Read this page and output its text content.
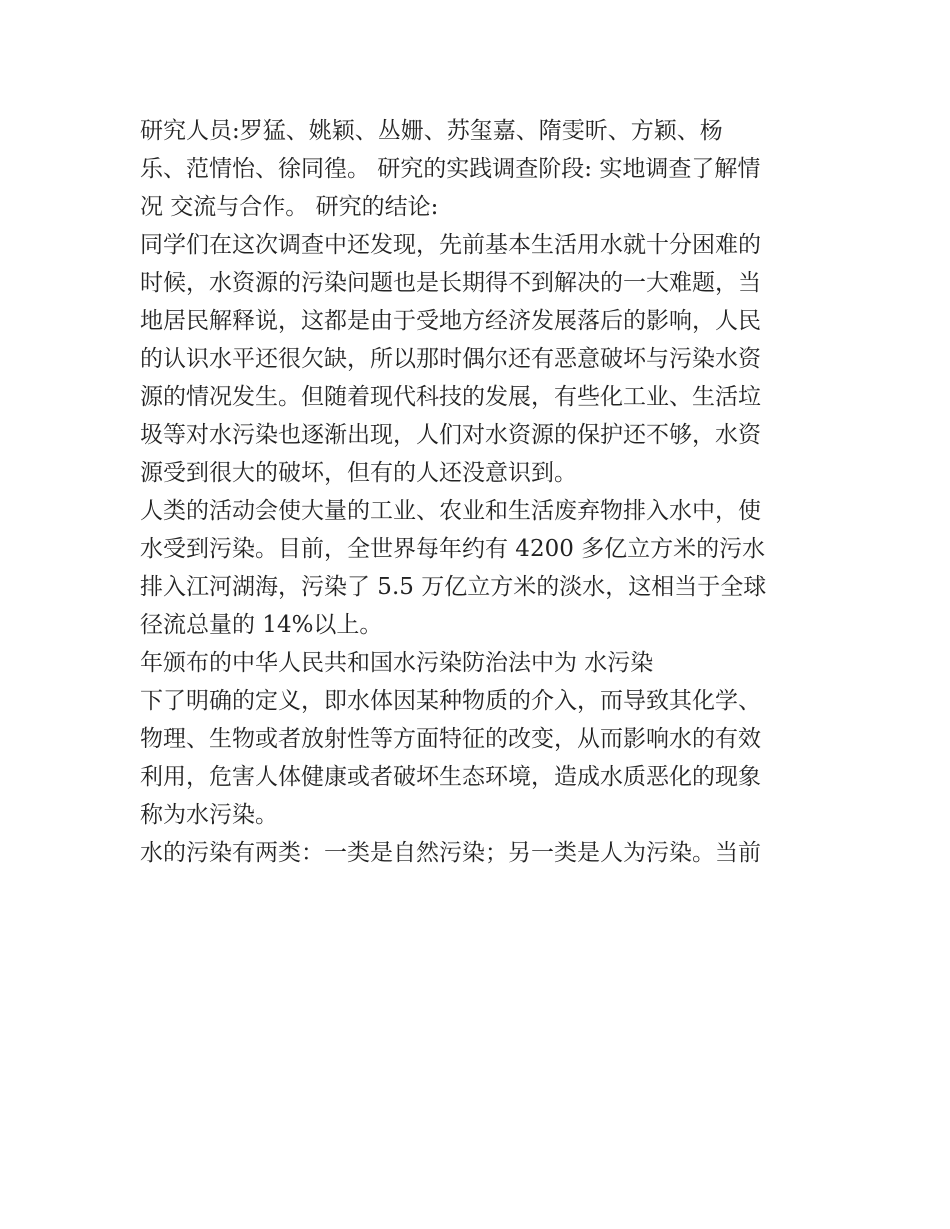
研究人员:罗猛、姚颖、丛姗、苏玺嘉、隋雯昕、方颖、杨
乐、范情怡、徐同徨。 研究的实践调查阶段: 实地调查了解情
况 交流与合作。 研究的结论:
同学们在这次调查中还发现，先前基本生活用水就十分困难的
时候，水资源的污染问题也是长期得不到解决的一大难题，当
地居民解释说，这都是由于受地方经济发展落后的影响，人民
的认识水平还很欠缺，所以那时偶尔还有恶意破坏与污染水资
源的情况发生。但随着现代科技的发展，有些化工业、生活垃
圾等对水污染也逐渐出现，人们对水资源的保护还不够，水资
源受到很大的破坏，但有的人还没意识到。
人类的活动会使大量的工业、农业和生活废弃物排入水中，使
水受到污染。目前，全世界每年约有 4200 多亿立方米的污水
排入江河湖海，污染了 5.5 万亿立方米的淡水，这相当于全球
径流总量的 14%以上。
年颁布的中华人民共和国水污染防治法中为 水污染
下了明确的定义，即水体因某种物质的介入，而导致其化学、
物理、生物或者放射性等方面特征的改变，从而影响水的有效
利用，危害人体健康或者破坏生态环境，造成水质恶化的现象
称为水污染。
水的污染有两类：一类是自然污染；另一类是人为污染。当前
